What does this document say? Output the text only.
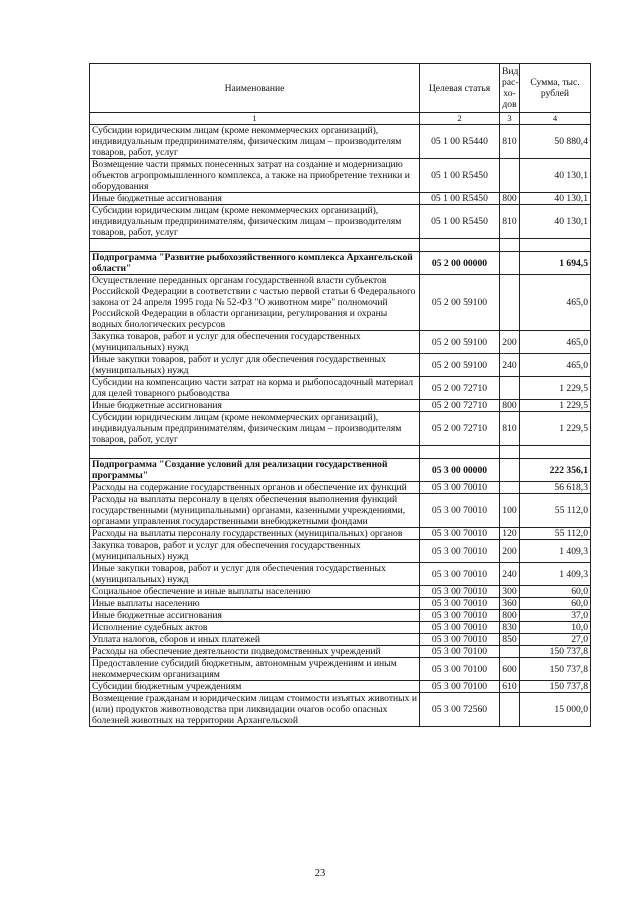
Наименование	Целевая статья	Вид рас-хо-дов	Сумма, тыс. рублей
1	2	3	4
Субсидии юридическим лицам (кроме некоммерческих организаций), индивидуальным предпринимателям, физическим лицам – производителям товаров, работ, услуг	05 1 00 R5440	810	50 880,4
Возмещение части прямых понесенных затрат на создание и модернизацию объектов агропромышленного комплекса, а также на приобретение техники и оборудования	05 1 00 R5450		40 130,1
Иные бюджетные ассигнования	05 1 00 R5450	800	40 130,1
Субсидии юридическим лицам (кроме некоммерческих организаций), индивидуальным предпринимателям, физическим лицам – производителям товаров, работ, услуг	05 1 00 R5450	810	40 130,1

Подпрограмма "Развитие рыбохозяйственного комплекса Архангельской области"	05 2 00 00000		1 694,5
Осуществление переданных органам государственной власти субъектов Российской Федерации в соответствии с частью первой статьи 6 Федерального закона от 24 апреля 1995 года № 52-ФЗ "О животном мире" полномочий Российской Федерации в области организации, регулирования и охраны водных биологических ресурсов	05 2 00 59100		465,0
Закупка товаров, работ и услуг для обеспечения государственных (муниципальных) нужд	05 2 00 59100	200	465,0
Иные закупки товаров, работ и услуг для обеспечения государственных (муниципальных) нужд	05 2 00 59100	240	465,0
Субсидии на компенсацию части затрат на корма и рыбопосадочный материал для целей товарного рыбоводства	05 2 00 72710		1 229,5
Иные бюджетные ассигнования	05 2 00 72710	800	1 229,5
Субсидии юридическим лицам (кроме некоммерческих организаций), индивидуальным предпринимателям, физическим лицам – производителям товаров, работ, услуг	05 2 00 72710	810	1 229,5

Подпрограмма "Создание условий для реализации государственной программы"	05 3 00 00000		222 356,1
Расходы на содержание государственных органов и обеспечение их функций	05 3 00 70010		56 618,3
Расходы на выплаты персоналу в целях обеспечения выполнения функций государственными (муниципальными) органами, казенными учреждениями, органами управления государственными внебюджетными фондами	05 3 00 70010	100	55 112,0
Расходы на выплаты персоналу государственных (муниципальных) органов	05 3 00 70010	120	55 112,0
Закупка товаров, работ и услуг для обеспечения государственных (муниципальных) нужд	05 3 00 70010	200	1 409,3
Иные закупки товаров, работ и услуг для обеспечения государственных (муниципальных) нужд	05 3 00 70010	240	1 409,3
Социальное обеспечение и иные выплаты населению	05 3 00 70010	300	60,0
Иные выплаты населению	05 3 00 70010	360	60,0
Иные бюджетные ассигнования	05 3 00 70010	800	37,0
Исполнение судебных актов	05 3 00 70010	830	10,0
Уплата налогов, сборов и иных платежей	05 3 00 70010	850	27,0
Расходы на обеспечение деятельности подведомственных учреждений	05 3 00 70100		150 737,8
Предоставление субсидий бюджетным, автономным учреждениям и иным некоммерческим организациям	05 3 00 70100	600	150 737,8
Субсидии бюджетным учреждениям	05 3 00 70100	610	150 737,8
Возмещение гражданам и юридическим лицам стоимости изъятых животных и (или) продуктов животноводства при ликвидации очагов особо опасных болезней животных на территории Архангельской	05 3 00 72560		15 000,0
23
